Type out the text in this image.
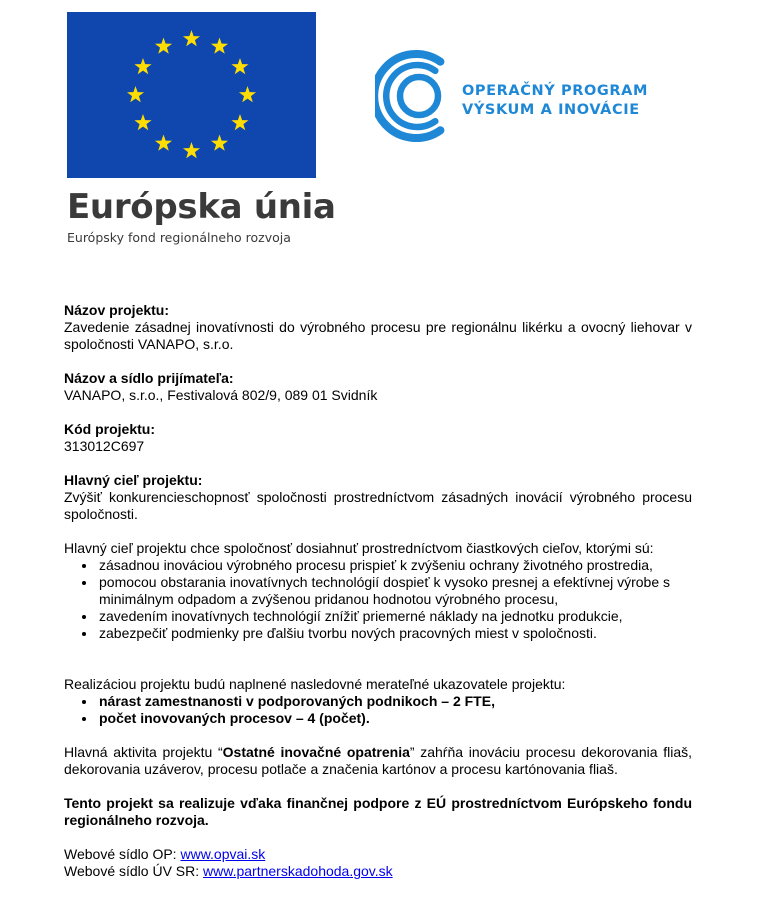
Európska únia
Európsky fond regionálneho rozvoja
OPERAČNÝ PROGRAM
VÝSKUM A INOVÁCIE

Názov projektu:

Zavedenie zásadnej inovatívnosti do výrobného procesu pre regionálnu likérku a ovocný liehovar v spoločnosti VANAPO, s.r.o.

Názov a sídlo prijímateľa:

VANAPO, s.r.o., Festivalová 802/9, 089 01 Svidník

Kód projektu:

313012C697

Hlavný cieľ projektu:

Zvýšiť konkurencieschopnosť spoločnosti prostredníctvom zásadných inovácií výrobného procesu spoločnosti.

Hlavný cieľ projektu chce spoločnosť dosiahnuť prostredníctvom čiastkových cieľov, ktorými sú:

• zásadnou inováciou výrobného procesu prispieť k zvýšeniu ochrany životného prostredia,
• pomocou obstarania inovatívnych technológií dospieť k vysoko presnej a efektívnej výrobe s minimálnym odpadom a zvýšenou pridanou hodnotou výrobného procesu,
• zavedením inovatívnych technológií znížiť priemerné náklady na jednotku produkcie,
• zabezpečiť podmienky pre ďalšiu tvorbu nových pracovných miest v spoločnosti.

Realizáciou projektu budú naplnené nasledovné merateľné ukazovatele projektu:

• nárast zamestnanosti v podporovaných podnikoch – 2 FTE,
• počet inovovaných procesov – 4 (počet).

Hlavná aktivita projektu “Ostatné inovačné opatrenia” zahŕňa inováciu procesu dekorovania fliaš, dekorovania uzáverov, procesu potlače a značenia kartónov a procesu kartónovania fliaš.

Tento projekt sa realizuje vďaka finančnej podpore z EÚ prostredníctvom Európskeho fondu regionálneho rozvoja.

Webové sídlo OP: www.opvai.sk

Webové sídlo ÚV SR: www.partnerskadohoda.gov.sk
